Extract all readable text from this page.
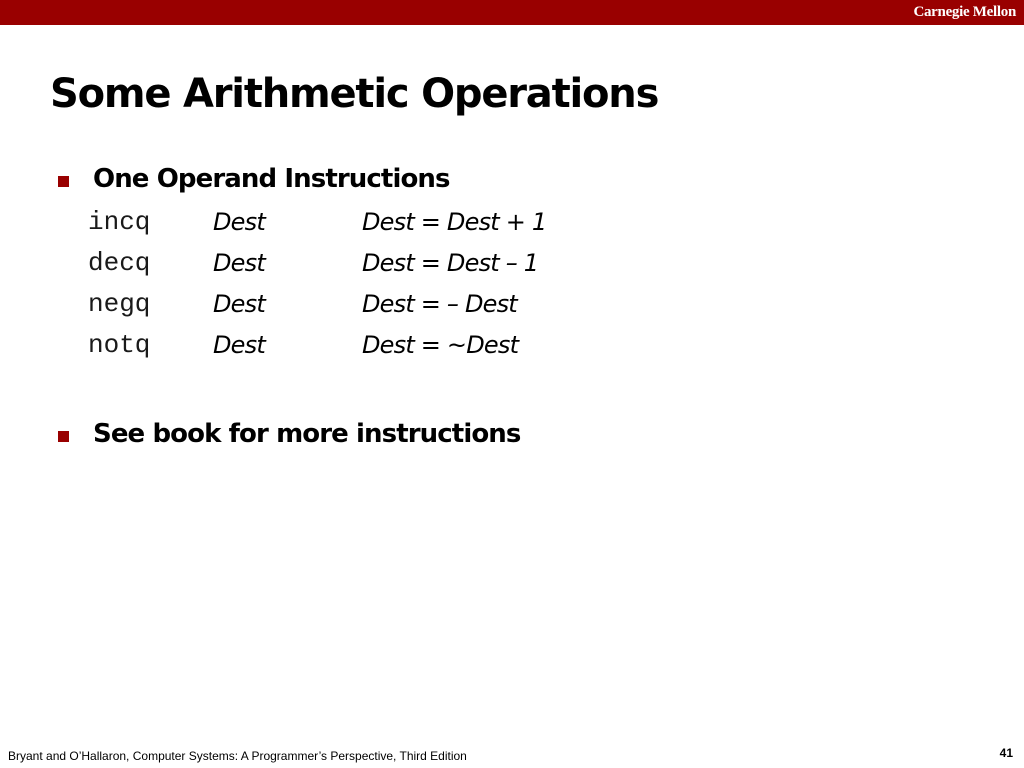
Carnegie Mellon
Some Arithmetic Operations
One Operand Instructions
incq	Dest	Dest = Dest + 1
decq	Dest	Dest = Dest – 1
negq	Dest	Dest = – Dest
notq	Dest	Dest = ~Dest
See book for more instructions
Bryant and O’Hallaron, Computer Systems: A Programmer’s Perspective, Third Edition	41
